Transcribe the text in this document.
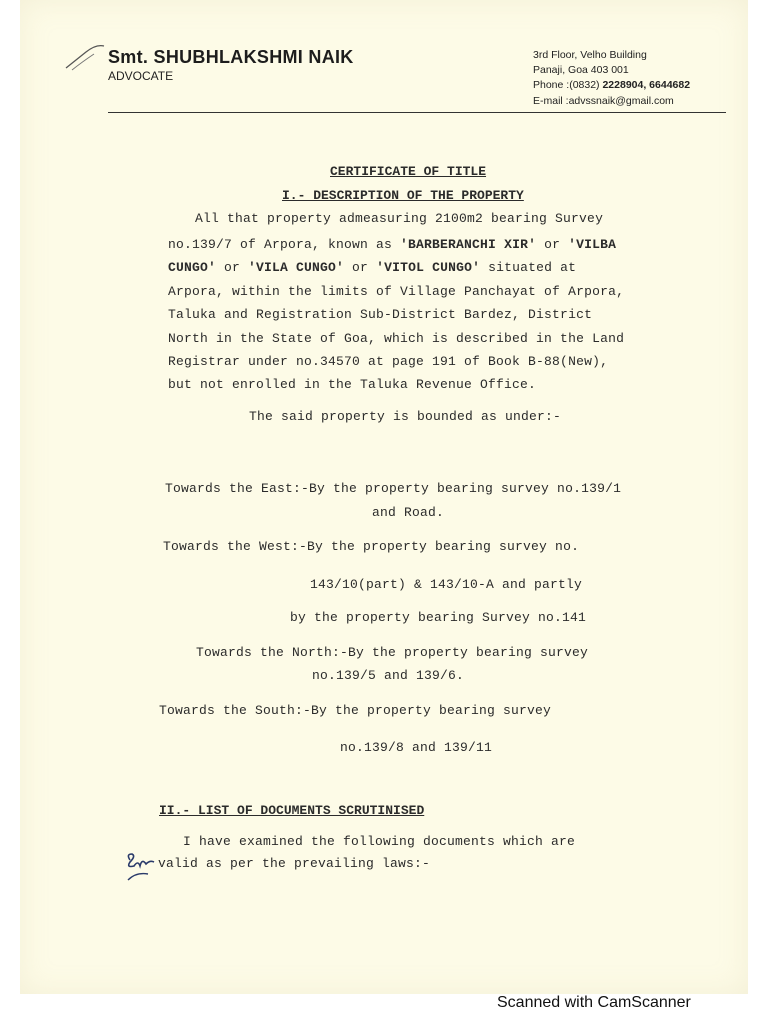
Smt. SHUBHLAKSHMI NAIK
ADVOCATE
3rd Floor, Velho Building
Panaji, Goa 403 001
Phone :(0832) 2228904, 6644682
E-mail :advssnaik@gmail.com
CERTIFICATE OF TITLE
I.- DESCRIPTION OF THE PROPERTY
All that property admeasuring 2100m2 bearing Survey
no.139/7 of Arpora, known as 'BARBERANCHI XIR' or 'VILBA
CUNGO' or 'VILA CUNGO' or 'VITOL CUNGO' situated at
Arpora, within the limits of Village Panchayat of Arpora,
Taluka and Registration Sub-District Bardez, District
North in the State of Goa, which is described in the Land
Registrar under no.34570 at page 191 of Book B-88(New),
but not enrolled in the Taluka Revenue Office.
The said property is bounded as under:-
Towards the East:-By the property bearing survey no.139/1
and Road.
Towards the West:-By the property bearing survey no.
143/10(part) & 143/10-A and partly
by the property bearing Survey no.141
Towards the North:-By the property bearing survey
no.139/5 and 139/6.
Towards the South:-By the property bearing survey
no.139/8 and 139/11
II.- LIST OF DOCUMENTS SCRUTINISED
I have examined the following documents which are
valid as per the prevailing laws:-
Scanned with CamScanner
